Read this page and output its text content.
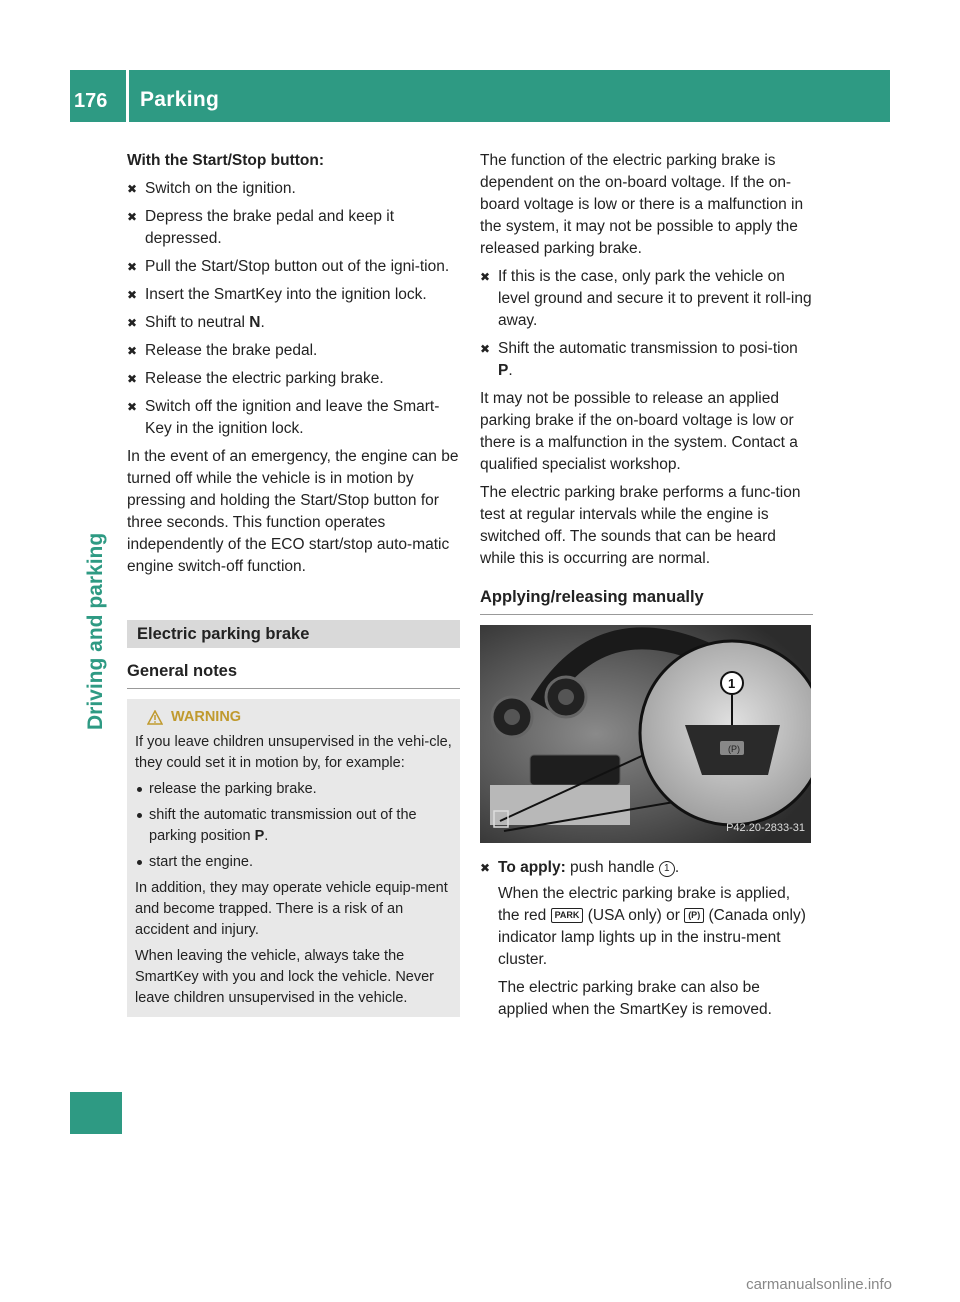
176	Parking
Driving and parking

With the Start/Stop button:

✖ Switch on the ignition.
✖ Depress the brake pedal and keep it depressed.
✖ Pull the Start/Stop button out of the igni-tion.
✖ Insert the SmartKey into the ignition lock.
✖ Shift to neutral N.
✖ Release the brake pedal.
✖ Release the electric parking brake.
✖ Switch off the ignition and leave the Smart-Key in the ignition lock.

In the event of an emergency, the engine can be turned off while the vehicle is in motion by pressing and holding the Start/Stop button for three seconds. This function operates independently of the ECO start/stop auto-matic engine switch-off function.

Electric parking brake
General notes
WARNING

If you leave children unsupervised in the vehi-cle, they could set it in motion by, for example:

release the parking brake.
shift the automatic transmission out of the parking position P.
start the engine.

In addition, they may operate vehicle equip-ment and become trapped. There is a risk of an accident and injury.

When leaving the vehicle, always take the SmartKey with you and lock the vehicle. Never leave children unsupervised in the vehicle.

The function of the electric parking brake is dependent on the on-board voltage. If the on-board voltage is low or there is a malfunction in the system, it may not be possible to apply the released parking brake.

✖ If this is the case, only park the vehicle on level ground and secure it to prevent it roll-ing away.
✖ Shift the automatic transmission to posi-tion P.

It may not be possible to release an applied parking brake if the on-board voltage is low or there is a malfunction in the system. Contact a qualified specialist workshop.

The electric parking brake performs a func-tion test at regular intervals while the engine is switched off. The sounds that can be heard while this is occurring are normal.

Applying/releasing manually
(P)
1
P42.20-2833-31
✖ To apply: push handle 1 .

When the electric parking brake is applied, the red PARK (USA only) or (P) (Canada only) indicator lamp lights up in the instru-ment cluster.

The electric parking brake can also be applied when the SmartKey is removed.

carmanualsonline.info
